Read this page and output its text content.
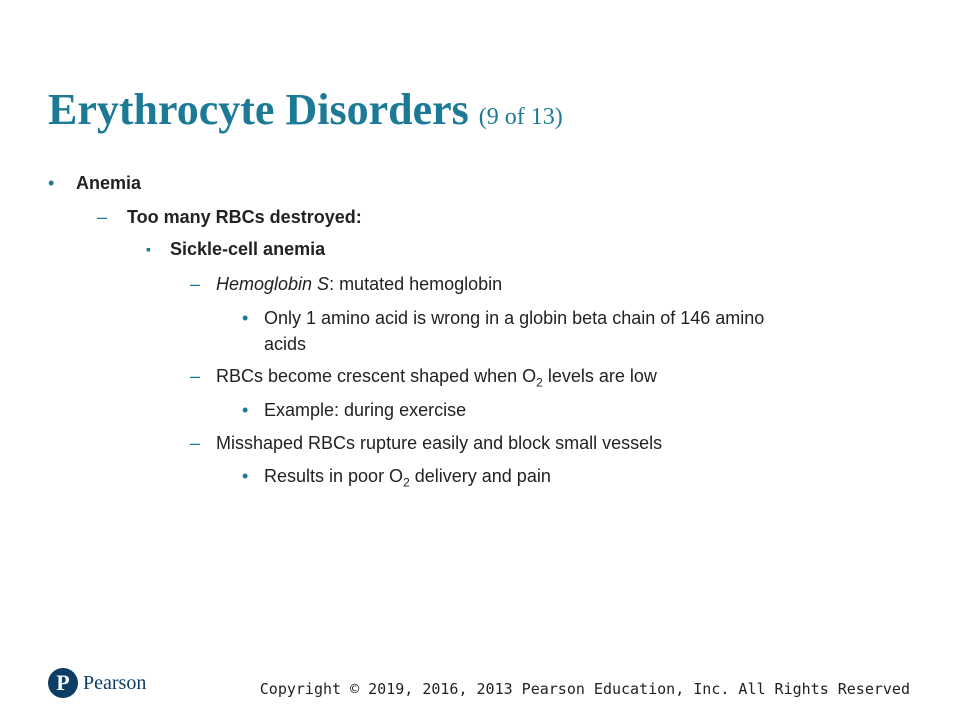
Erythrocyte Disorders (9 of 13)
• Anemia
– Too many RBCs destroyed:
▪ Sickle-cell anemia
– Hemoglobin S: mutated hemoglobin
• Only 1 amino acid is wrong in a globin beta chain of 146 amino
acids
– RBCs become crescent shaped when $O_2$ levels are low
• Example: during exercise
– Misshaped RBCs rupture easily and block small vessels
• Results in poor $O_2$ delivery and pain
P Pearson	Copyright © 2019, 2016, 2013 Pearson Education, Inc. All Rights Reserved
